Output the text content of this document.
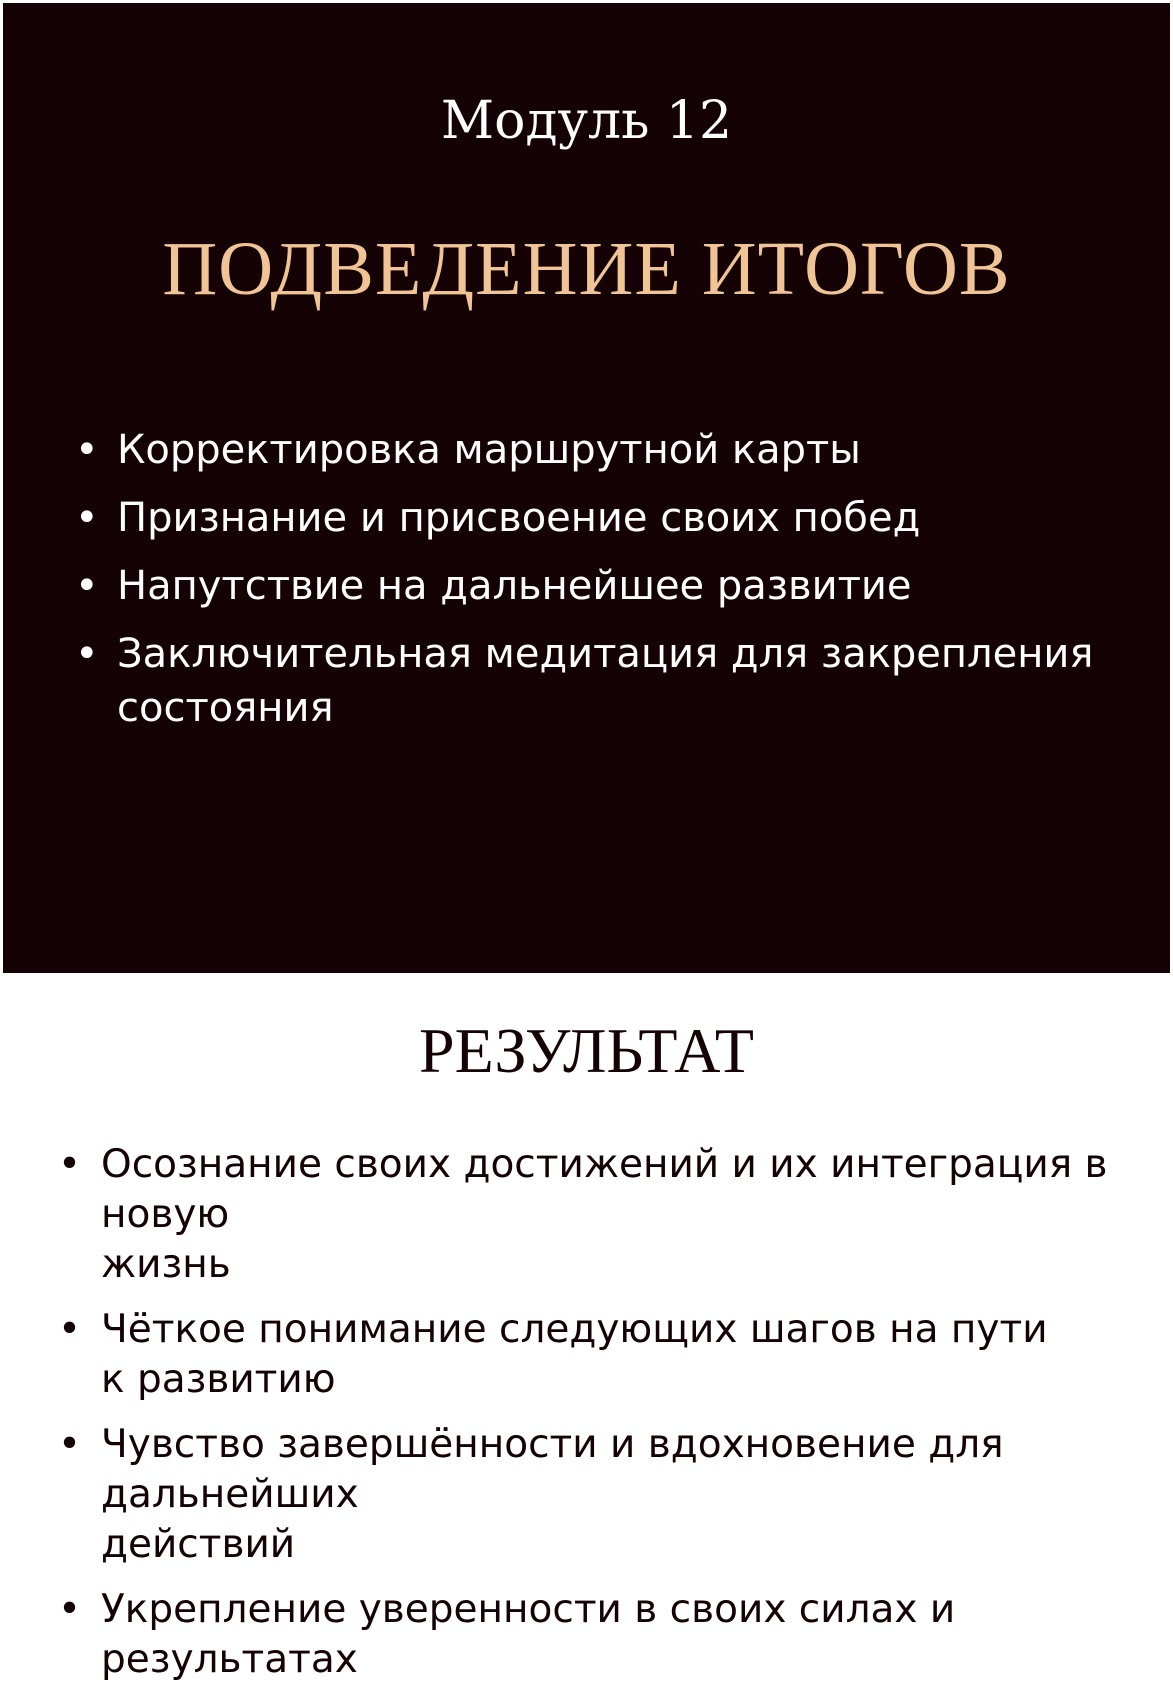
Модуль 12
ПОДВЕДЕНИЕ ИТОГОВ
• Корректировка маршрутной карты
• Признание и присвоение своих побед
• Напутствие на дальнейшее развитие
• Заключительная медитация для закрепления состояния
РЕЗУЛЬТАТ
• Осознание своих достижений и их интеграция в новую
жизнь
• Чёткое понимание следующих шагов на пути
к развитию
• Чувство завершённости и вдохновение для дальнейших
действий
• Укрепление уверенности в своих силах и результатах
